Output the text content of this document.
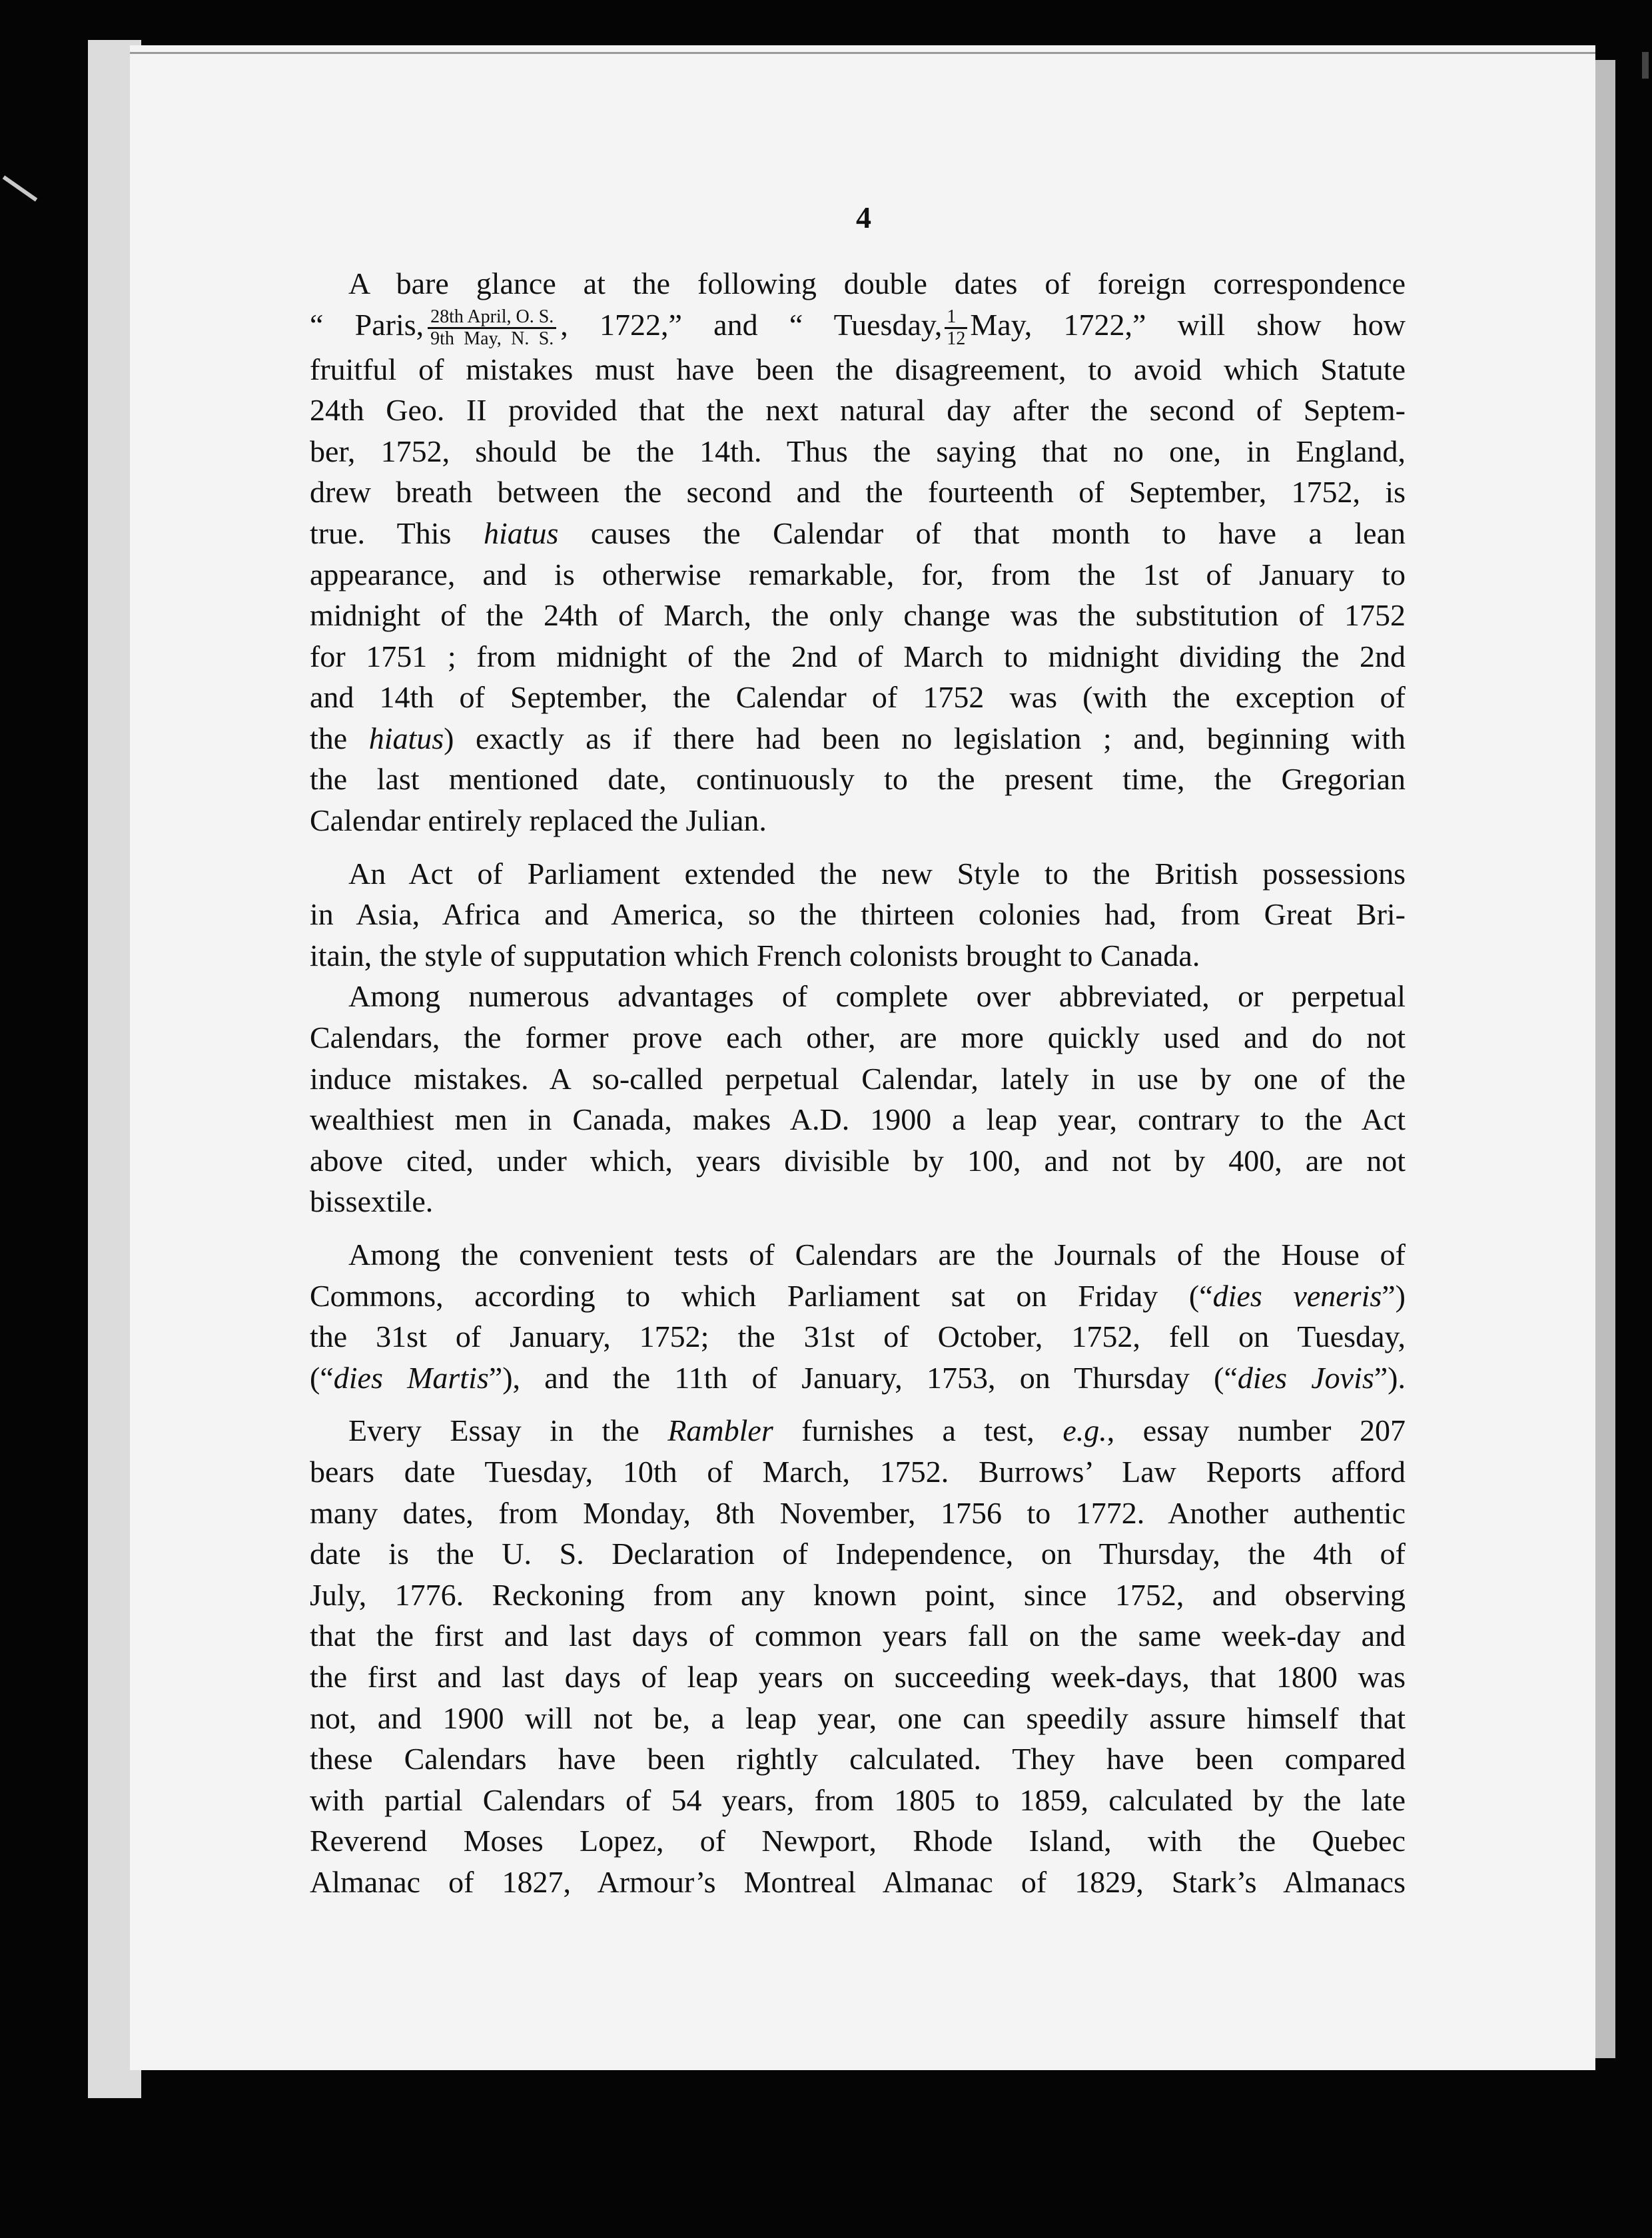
4

A bare glance at the following double dates of foreign correspondence
“ Paris, $\frac{\text{28th April, O. S.}}{\text{9th May, N. S.}}$ , 1722,” and “ Tuesday, $\frac{1}{12}$ May, 1722,” will show how
fruitful of mistakes must have been the disagreement, to avoid which Statute
24th Geo. II provided that the next natural day after the second of Septem-
ber, 1752, should be the 14th. Thus the saying that no one, in England,
drew breath between the second and the fourteenth of September, 1752, is
true. This hiatus causes the Calendar of that month to have a lean
appearance, and is otherwise remarkable, for, from the 1st of January to
midnight of the 24th of March, the only change was the substitution of 1752
for 1751 ; from midnight of the 2nd of March to midnight dividing the 2nd
and 14th of September, the Calendar of 1752 was (with the exception of
the hiatus) exactly as if there had been no legislation ; and, beginning with
the last mentioned date, continuously to the present time, the Gregorian
Calendar entirely replaced the Julian.

An Act of Parliament extended the new Style to the British possessions
in Asia, Africa and America, so the thirteen colonies had, from Great Bri-
itain, the style of supputation which French colonists brought to Canada.
Among numerous advantages of complete over abbreviated, or perpetual
Calendars, the former prove each other, are more quickly used and do not
induce mistakes. A so-called perpetual Calendar, lately in use by one of the
wealthiest men in Canada, makes A.D. 1900 a leap year, contrary to the Act
above cited, under which, years divisible by 100, and not by 400, are not
bissextile.

Among the convenient tests of Calendars are the Journals of the House of
Commons, according to which Parliament sat on Friday (“dies veneris”)
the 31st of January, 1752; the 31st of October, 1752, fell on Tuesday,
(“dies Martis”), and the 11th of January, 1753, on Thursday (“dies Jovis”).

Every Essay in the Rambler furnishes a test, e.g., essay number 207
bears date Tuesday, 10th of March, 1752. Burrows’ Law Reports afford
many dates, from Monday, 8th November, 1756 to 1772. Another authentic
date is the U. S. Declaration of Independence, on Thursday, the 4th of
July, 1776. Reckoning from any known point, since 1752, and observing
that the first and last days of common years fall on the same week-day and
the first and last days of leap years on succeeding week-days, that 1800 was
not, and 1900 will not be, a leap year, one can speedily assure himself that
these Calendars have been rightly calculated. They have been compared
with partial Calendars of 54 years, from 1805 to 1859, calculated by the late
Reverend Moses Lopez, of Newport, Rhode Island, with the Quebec
Almanac of 1827, Armour’s Montreal Almanac of 1829, Stark’s Almanacs
